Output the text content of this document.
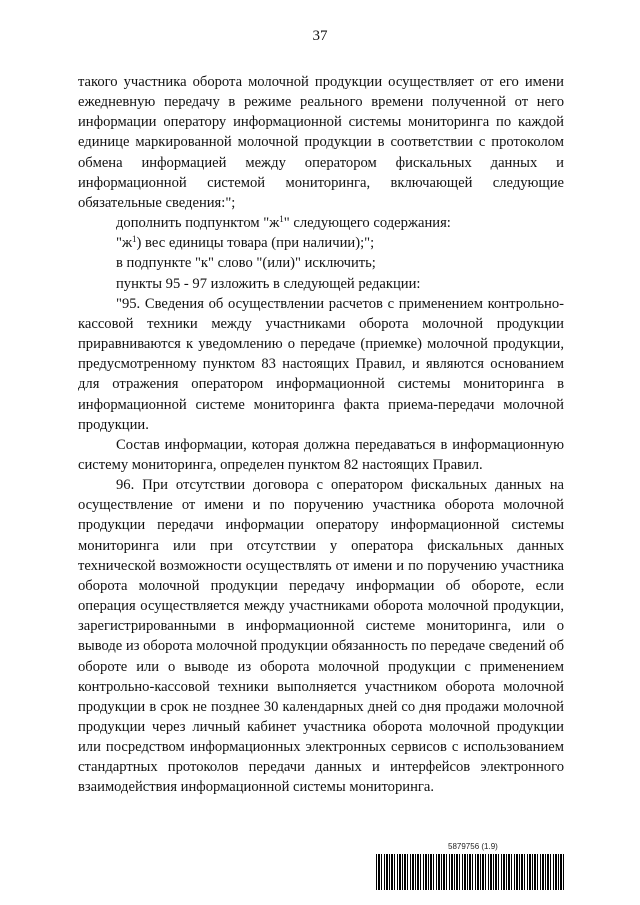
37

такого участника оборота молочной продукции осуществляет от его имени ежедневную передачу в режиме реального времени полученной от него информации оператору информационной системы мониторинга по каждой единице маркированной молочной продукции в соответствии с протоколом обмена информацией между оператором фискальных данных и информационной системой мониторинга, включающей следующие обязательные сведения:";

дополнить подпунктом "$ж^1$" следующего содержания:

"$ж^1$) вес единицы товара (при наличии);";

в подпункте "к" слово "(или)" исключить;

пункты 95 - 97 изложить в следующей редакции:

"95. Сведения об осуществлении расчетов с применением контрольно-кассовой техники между участниками оборота молочной продукции приравниваются к уведомлению о передаче (приемке) молочной продукции, предусмотренному пунктом 83 настоящих Правил, и являются основанием для отражения оператором информационной системы мониторинга в информационной системе мониторинга факта приема-передачи молочной продукции.

Состав информации, которая должна передаваться в информационную систему мониторинга, определен пунктом 82 настоящих Правил.

96. При отсутствии договора с оператором фискальных данных на осуществление от имени и по поручению участника оборота молочной продукции передачи информации оператору информационной системы мониторинга или при отсутствии у оператора фискальных данных технической возможности осуществлять от имени и по поручению участника оборота молочной продукции передачу информации об обороте, если операция осуществляется между участниками оборота молочной продукции, зарегистрированными в информационной системе мониторинга, или о выводе из оборота молочной продукции обязанность по передаче сведений об обороте или о выводе из оборота молочной продукции с применением контрольно-кассовой техники выполняется участником оборота молочной продукции в срок не позднее 30 календарных дней со дня продажи молочной продукции через личный кабинет участника оборота молочной продукции или посредством информационных электронных сервисов с использованием стандартных протоколов передачи данных и интерфейсов электронного взаимодействия информационной системы мониторинга.

5879756 (1.9)
